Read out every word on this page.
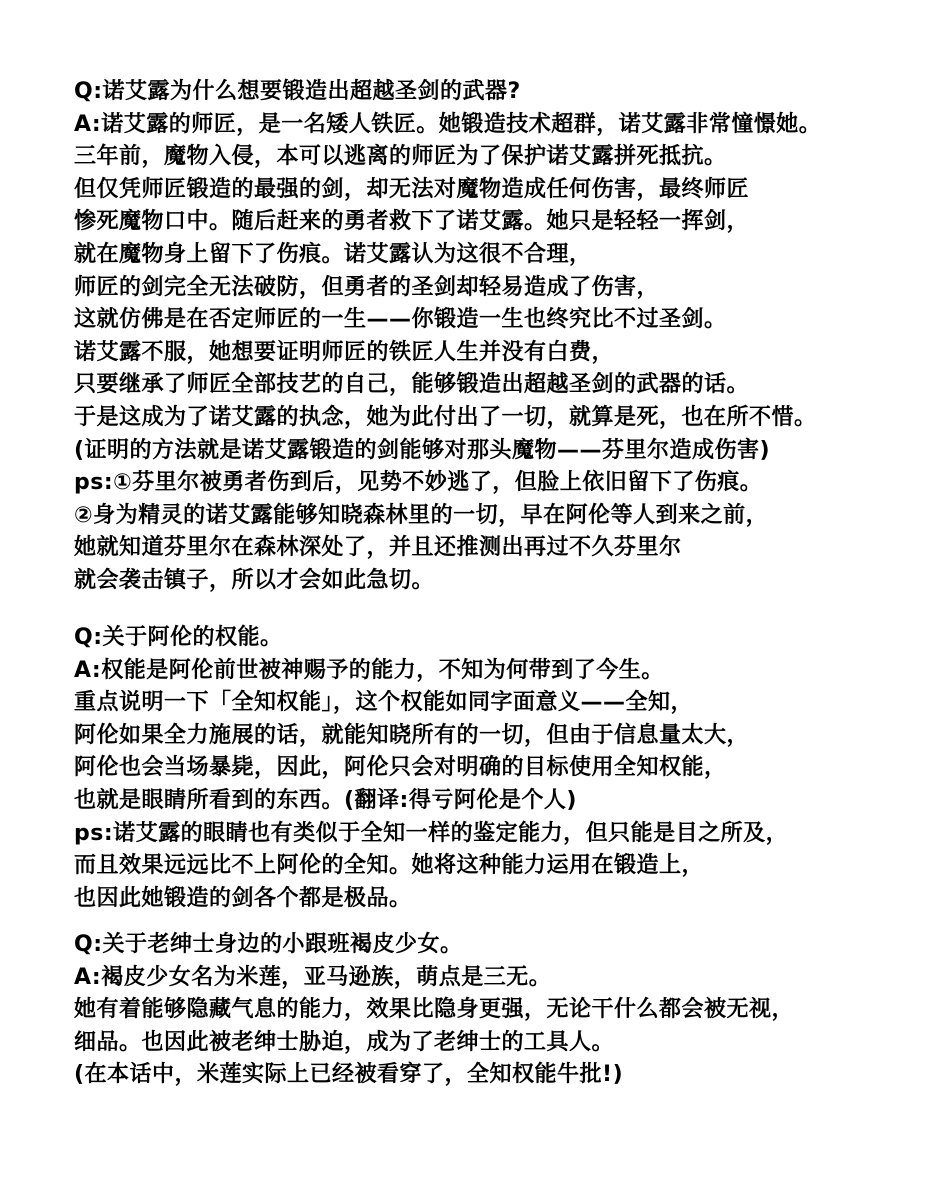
Q:诺艾露为什么想要锻造出超越圣剑的武器?
A:诺艾露的师匠，是一名矮人铁匠。她锻造技术超群，诺艾露非常憧憬她。
三年前，魔物入侵，本可以逃离的师匠为了保护诺艾露拼死抵抗。
但仅凭师匠锻造的最强的剑，却无法对魔物造成任何伤害，最终师匠
惨死魔物口中。随后赶来的勇者救下了诺艾露。她只是轻轻一挥剑，
就在魔物身上留下了伤痕。诺艾露认为这很不合理，
师匠的剑完全无法破防，但勇者的圣剑却轻易造成了伤害，
这就仿佛是在否定师匠的一生——你锻造一生也终究比不过圣剑。
诺艾露不服，她想要证明师匠的铁匠人生并没有白费，
只要继承了师匠全部技艺的自己，能够锻造出超越圣剑的武器的话。
于是这成为了诺艾露的执念，她为此付出了一切，就算是死，也在所不惜。
(证明的方法就是诺艾露锻造的剑能够对那头魔物——芬里尔造成伤害)
ps:①芬里尔被勇者伤到后，见势不妙逃了，但脸上依旧留下了伤痕。
②身为精灵的诺艾露能够知晓森林里的一切，早在阿伦等人到来之前，
她就知道芬里尔在森林深处了，并且还推测出再过不久芬里尔
就会袭击镇子，所以才会如此急切。
Q:关于阿伦的权能。
A:权能是阿伦前世被神赐予的能力，不知为何带到了今生。
重点说明一下「全知权能」，这个权能如同字面意义——全知，
阿伦如果全力施展的话，就能知晓所有的一切，但由于信息量太大，
阿伦也会当场暴毙，因此，阿伦只会对明确的目标使用全知权能，
也就是眼睛所看到的东西。(翻译:得亏阿伦是个人)
ps:诺艾露的眼睛也有类似于全知一样的鉴定能力，但只能是目之所及，
而且效果远远比不上阿伦的全知。她将这种能力运用在锻造上，
也因此她锻造的剑各个都是极品。
Q:关于老绅士身边的小跟班褐皮少女。
A:褐皮少女名为米莲，亚马逊族，萌点是三无。
她有着能够隐藏气息的能力，效果比隐身更强，无论干什么都会被无视，
细品。也因此被老绅士胁迫，成为了老绅士的工具人。
(在本话中，米莲实际上已经被看穿了，全知权能牛批!)
